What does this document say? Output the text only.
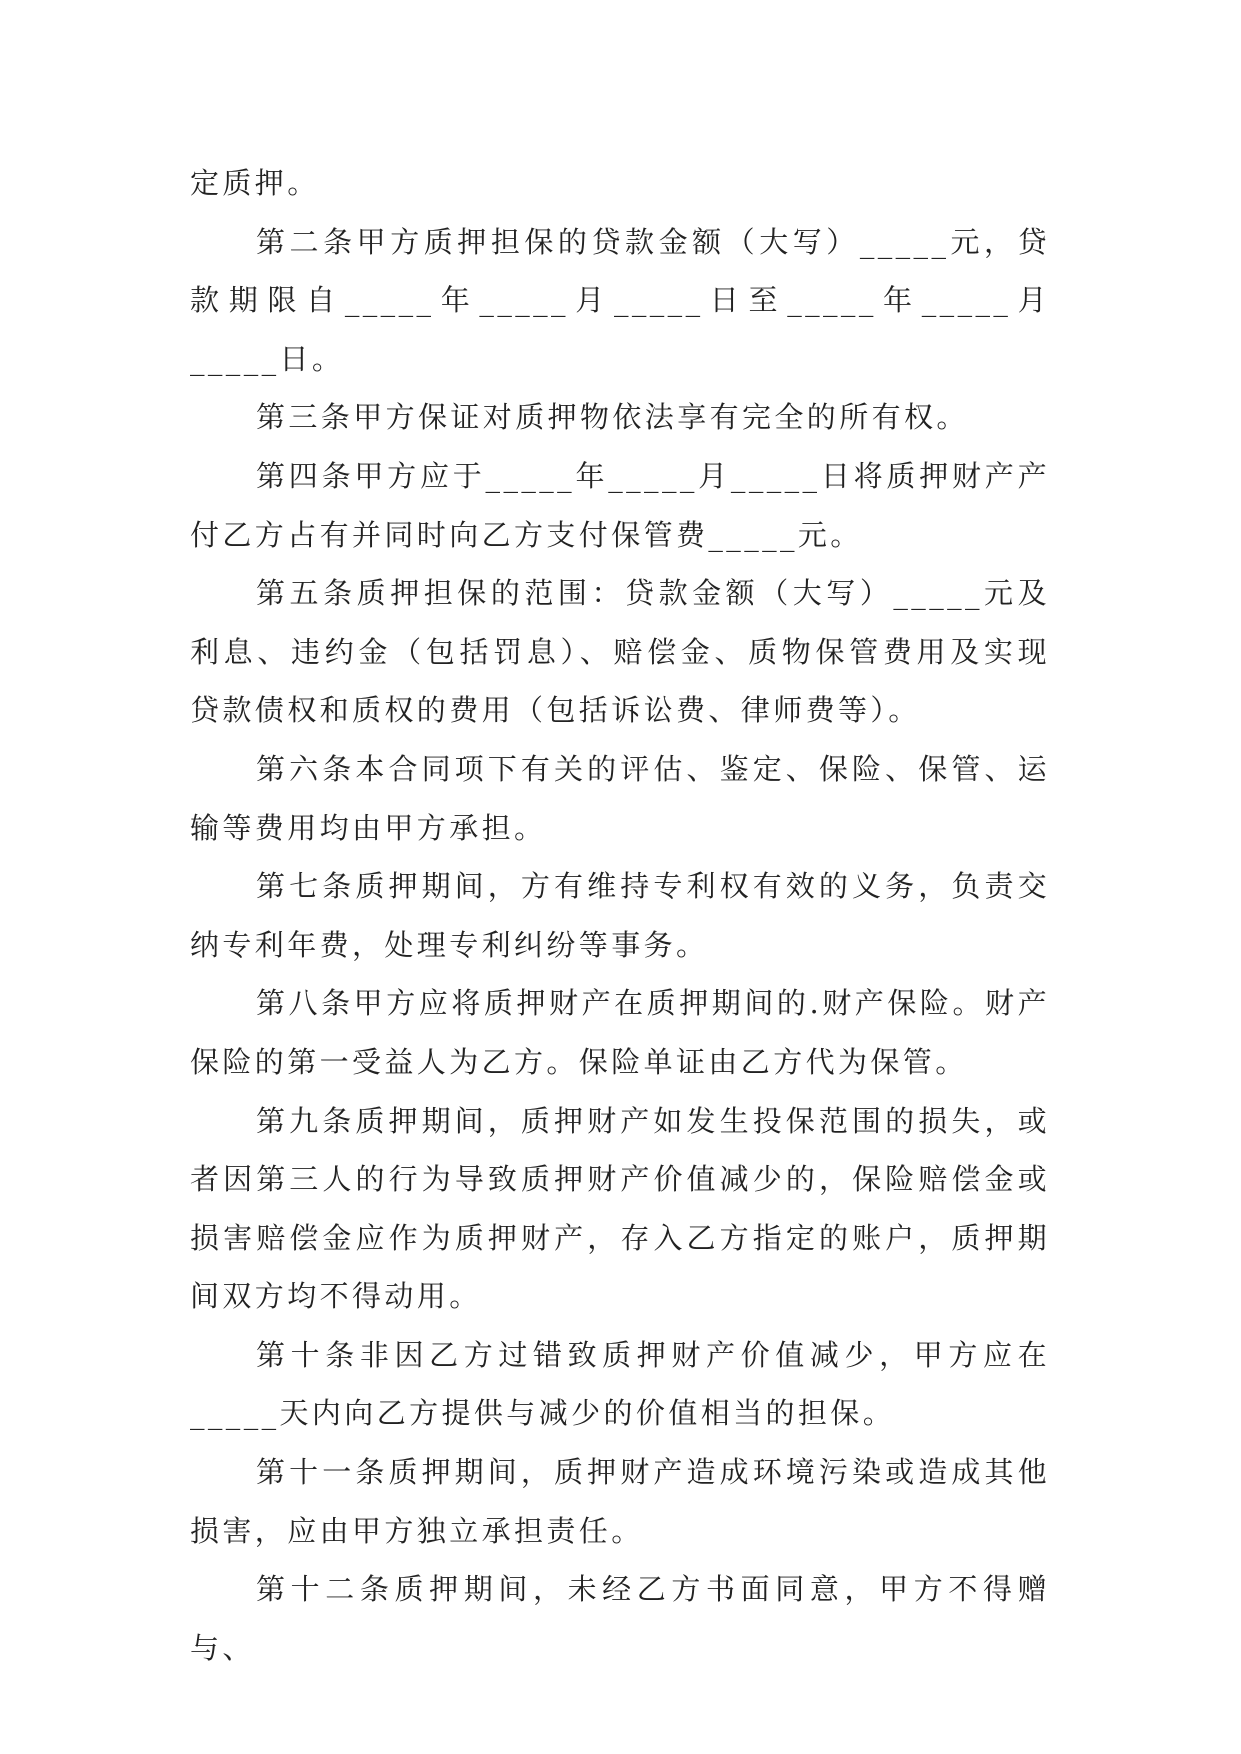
定质押。

第二条甲方质押担保的贷款金额（大写）_____元，贷款期限自_____年_____月_____日至_____年_____月_____日。

第三条甲方保证对质押物依法享有完全的所有权。

第四条甲方应于_____年_____月_____日将质押财产产付乙方占有并同时向乙方支付保管费_____元。

第五条质押担保的范围：贷款金额（大写）_____元及利息、违约金（包括罚息）、赔偿金、质物保管费用及实现贷款债权和质权的费用（包括诉讼费、律师费等）。

第六条本合同项下有关的评估、鉴定、保险、保管、运输等费用均由甲方承担。

第七条质押期间，方有维持专利权有效的义务，负责交纳专利年费，处理专利纠纷等事务。

第八条甲方应将质押财产在质押期间的.财产保险。财产保险的第一受益人为乙方。保险单证由乙方代为保管。

第九条质押期间，质押财产如发生投保范围的损失，或者因第三人的行为导致质押财产价值减少的，保险赔偿金或损害赔偿金应作为质押财产，存入乙方指定的账户，质押期间双方均不得动用。

第十条非因乙方过错致质押财产价值减少，甲方应在_____天内向乙方提供与减少的价值相当的担保。

第十一条质押期间，质押财产造成环境污染或造成其他损害，应由甲方独立承担责任。

第十二条质押期间，未经乙方书面同意，甲方不得赠与、
